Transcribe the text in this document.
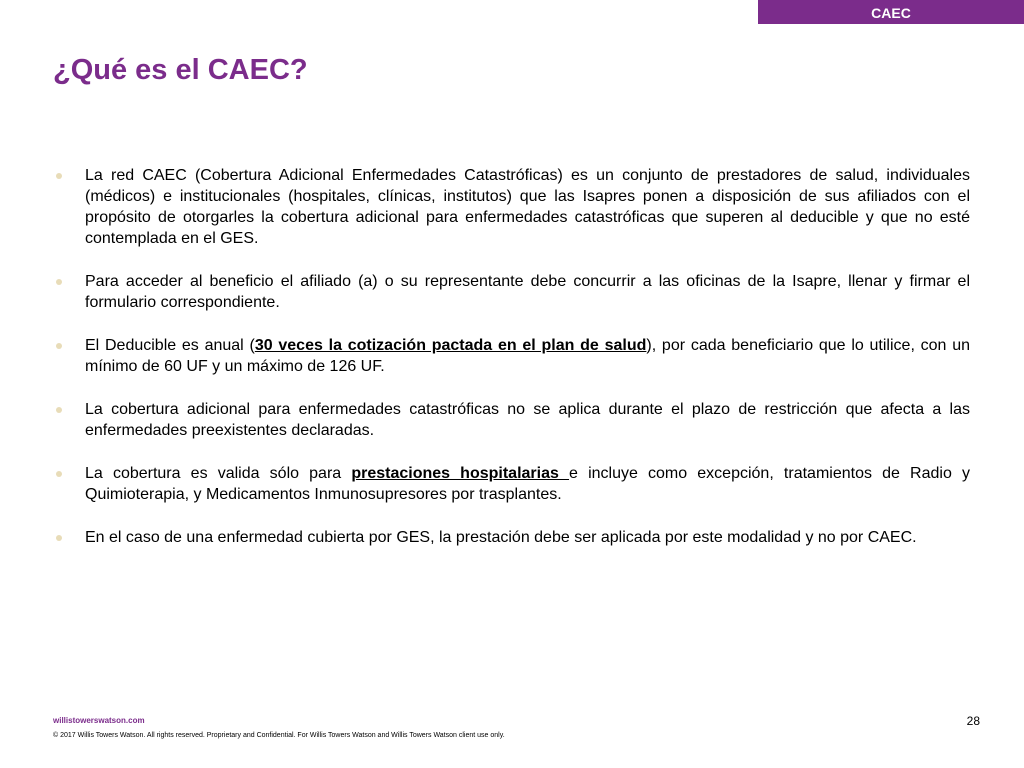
CAEC
¿Qué es el CAEC?
La red CAEC (Cobertura Adicional Enfermedades Catastróficas) es un conjunto de prestadores de salud, individuales (médicos) e institucionales (hospitales, clínicas, institutos) que las Isapres ponen a disposición de sus afiliados con el propósito de otorgarles la cobertura adicional para enfermedades catastróficas que superen al deducible y que no esté contemplada en el GES.
Para acceder al beneficio el afiliado (a) o su representante debe concurrir a las oficinas de la Isapre, llenar y firmar el formulario correspondiente.
El Deducible es anual (30 veces la cotización pactada en el plan de salud), por cada beneficiario que lo utilice, con un mínimo de 60 UF y un máximo de 126 UF.
La cobertura adicional para enfermedades catastróficas no se aplica durante el plazo de restricción que afecta a las enfermedades preexistentes declaradas.
La cobertura es valida sólo para prestaciones hospitalarias e incluye como excepción, tratamientos de Radio y Quimioterapia, y Medicamentos Inmunosupresores por trasplantes.
En el caso de una enfermedad cubierta por GES, la prestación debe ser aplicada por este modalidad y no por CAEC.
willistowerswatson.com	28
© 2017 Willis Towers Watson. All rights reserved. Proprietary and Confidential. For Willis Towers Watson and Willis Towers Watson client use only.
